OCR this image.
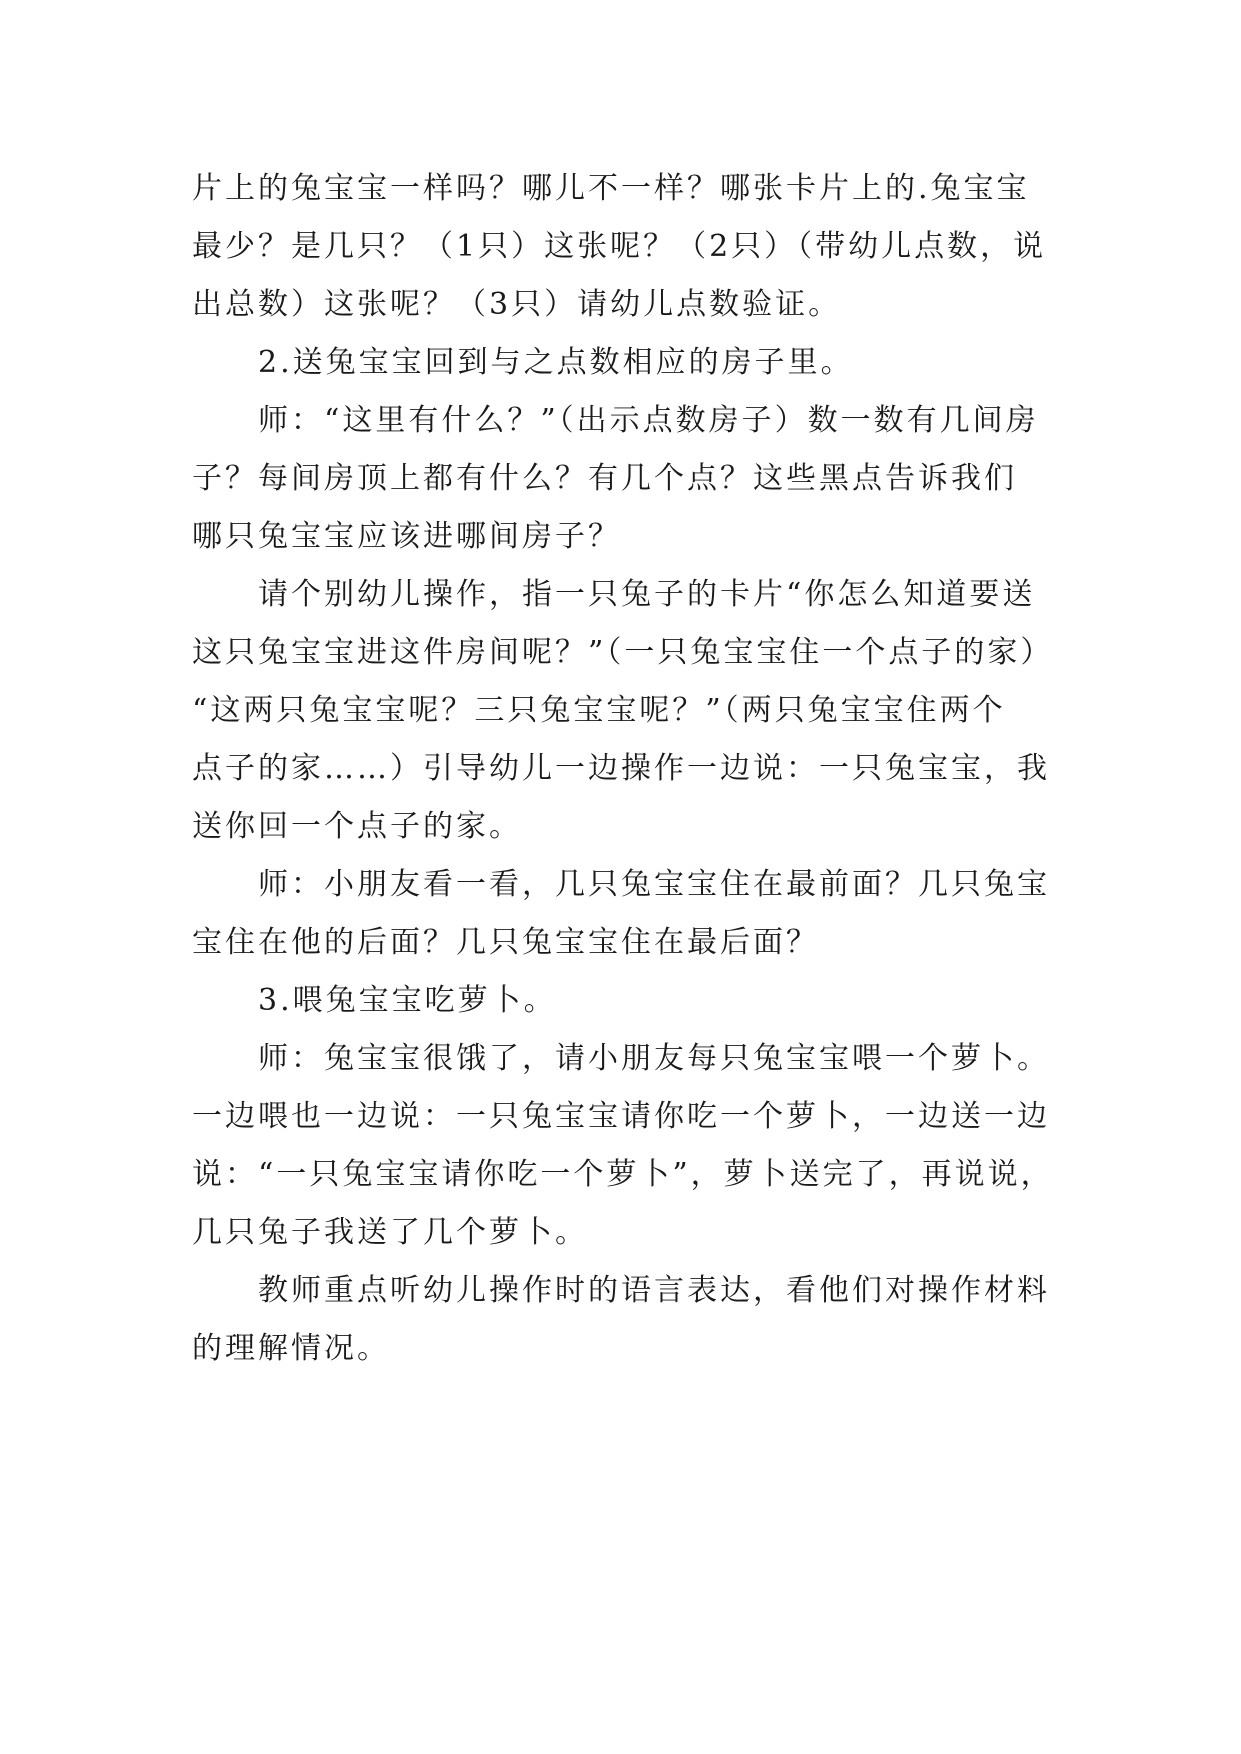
片上的兔宝宝一样吗？哪儿不一样？哪张卡片上的.兔宝宝
最少？是几只？（1只）这张呢？（2只）（带幼儿点数，说
出总数）这张呢？（3只）请幼儿点数验证。

　　2.送兔宝宝回到与之点数相应的房子里。

　　师：“这里有什么？”（出示点数房子）数一数有几间房
子？每间房顶上都有什么？有几个点？这些黑点告诉我们
哪只兔宝宝应该进哪间房子？

　　请个别幼儿操作，指一只兔子的卡片“你怎么知道要送
这只兔宝宝进这件房间呢？”（一只兔宝宝住一个点子的家）
“这两只兔宝宝呢？三只兔宝宝呢？”（两只兔宝宝住两个
点子的家……）引导幼儿一边操作一边说：一只兔宝宝，我
送你回一个点子的家。

　　师：小朋友看一看，几只兔宝宝住在最前面？几只兔宝
宝住在他的后面？几只兔宝宝住在最后面？

　　3.喂兔宝宝吃萝卜。

　　师：兔宝宝很饿了，请小朋友每只兔宝宝喂一个萝卜。
一边喂也一边说：一只兔宝宝请你吃一个萝卜，一边送一边
说：“一只兔宝宝请你吃一个萝卜”，萝卜送完了，再说说，
几只兔子我送了几个萝卜。

　　教师重点听幼儿操作时的语言表达，看他们对操作材料
的理解情况。
